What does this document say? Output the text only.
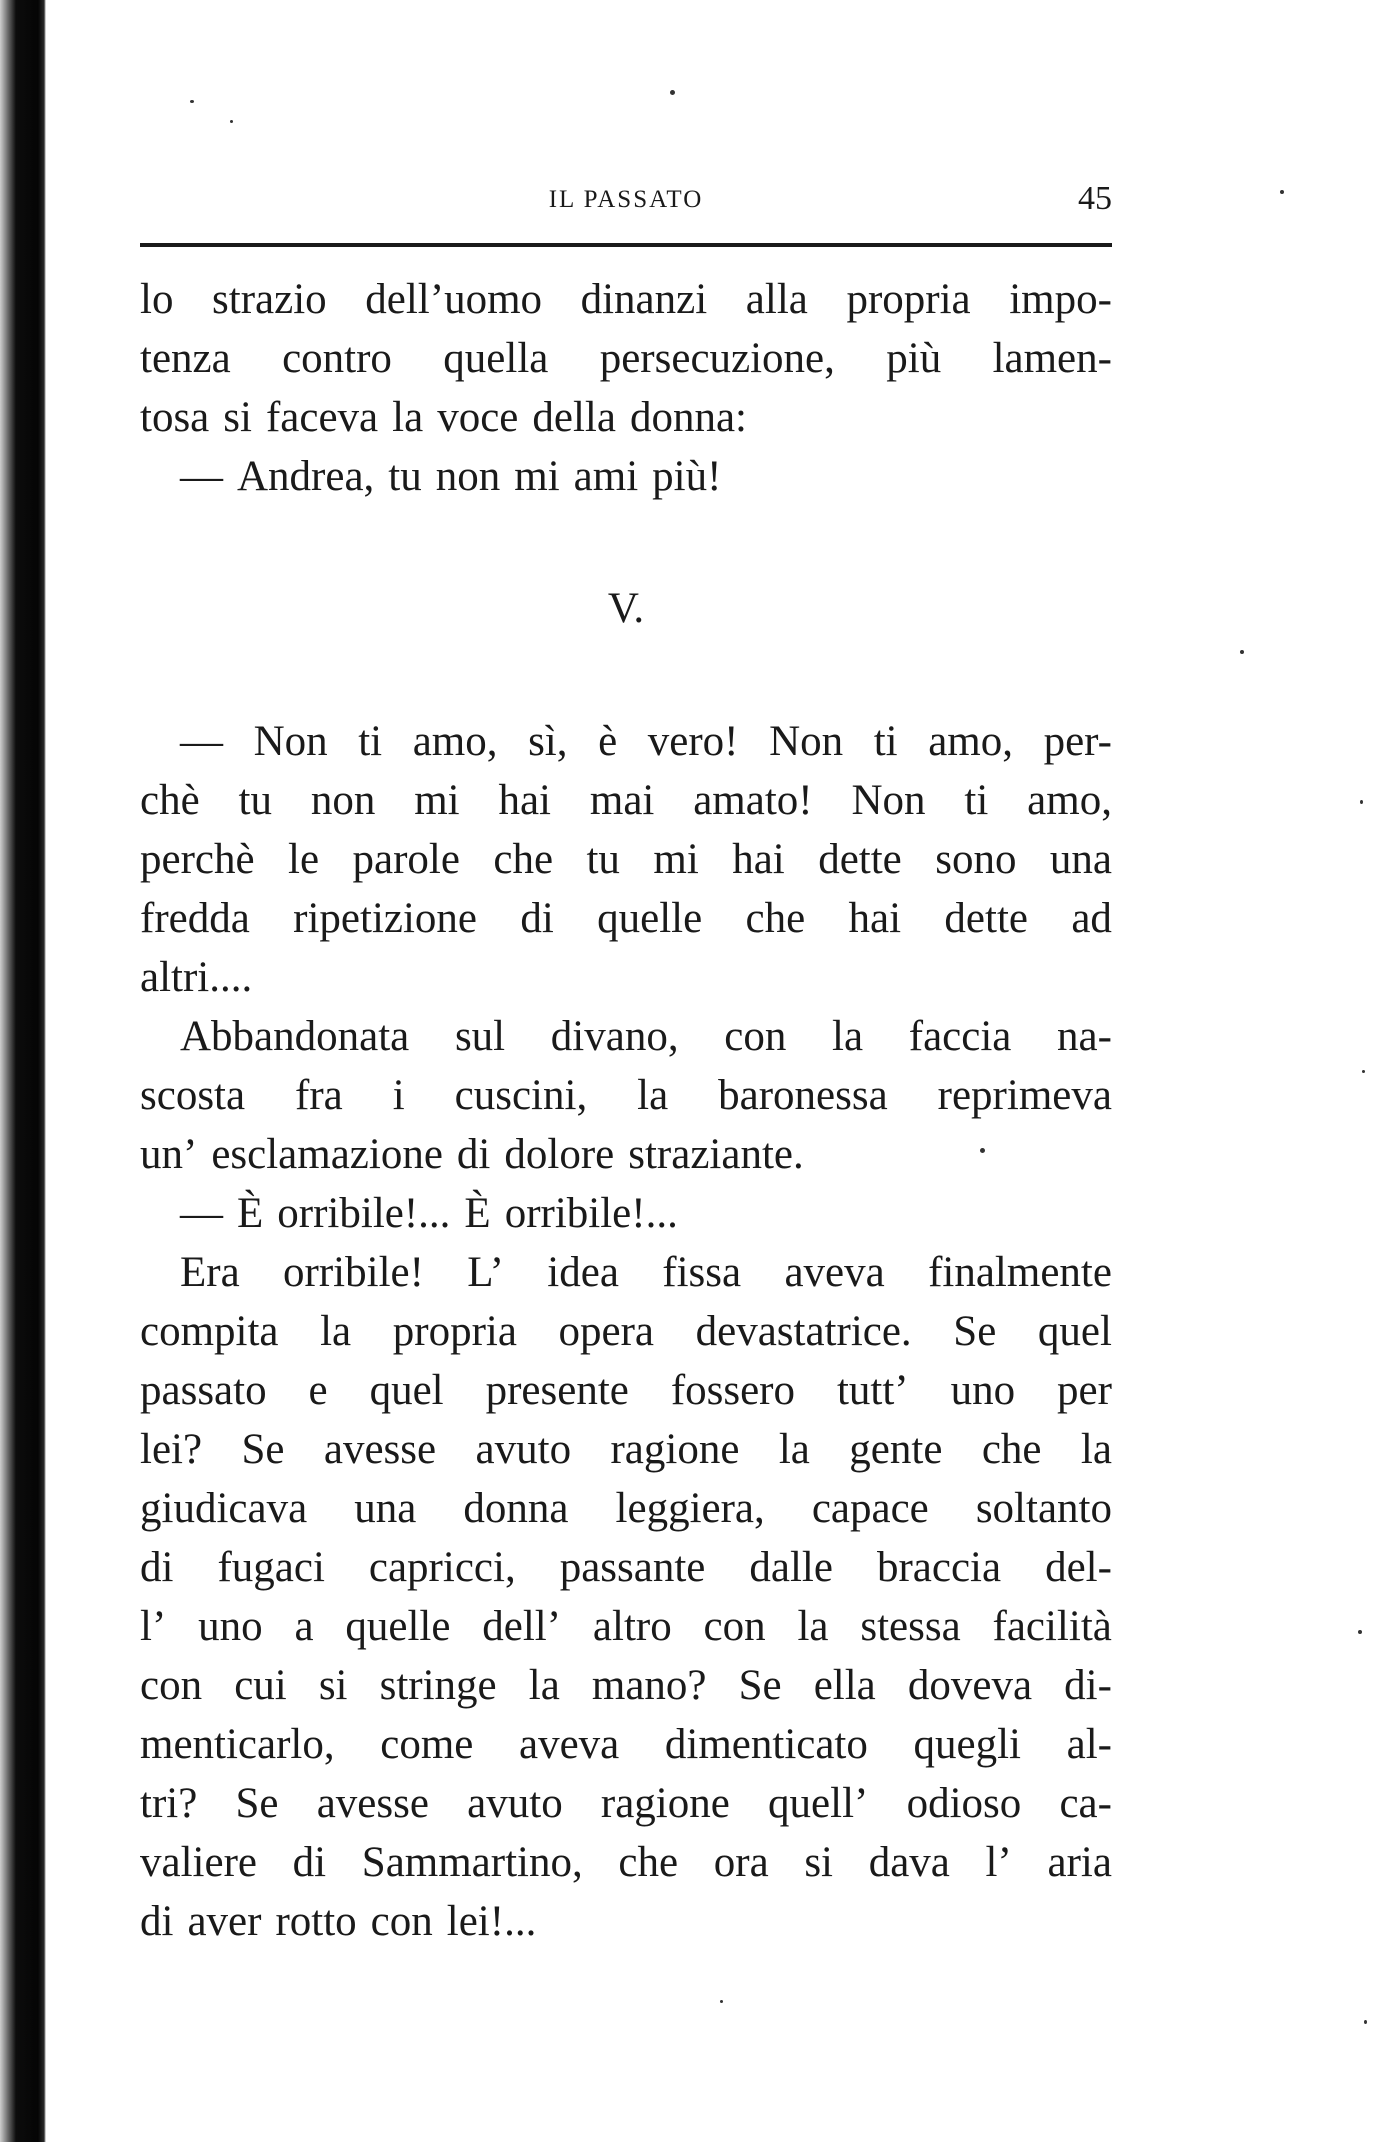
IL PASSATO	45
lo strazio dell’uomo dinanzi alla propria impo-
tenza contro quella persecuzione, più lamen-
tosa si faceva la voce della donna:
— Andrea, tu non mi ami più!
V.
— Non ti amo, sì, è vero! Non ti amo, per-
chè tu non mi hai mai amato! Non ti amo,
perchè le parole che tu mi hai dette sono una
fredda ripetizione di quelle che hai dette ad
altri....
Abbandonata sul divano, con la faccia na-
scosta fra i cuscini, la baronessa reprimeva
un’ esclamazione di dolore straziante.
— È orribile!... È orribile!...
Era orribile! L’ idea fissa aveva finalmente
compita la propria opera devastatrice. Se quel
passato e quel presente fossero tutt’ uno per
lei? Se avesse avuto ragione la gente che la
giudicava una donna leggiera, capace soltanto
di fugaci capricci, passante dalle braccia del-
l’ uno a quelle dell’ altro con la stessa facilità
con cui si stringe la mano? Se ella doveva di-
menticarlo, come aveva dimenticato quegli al-
tri? Se avesse avuto ragione quell’ odioso ca-
valiere di Sammartino, che ora si dava l’ aria
di aver rotto con lei!...
